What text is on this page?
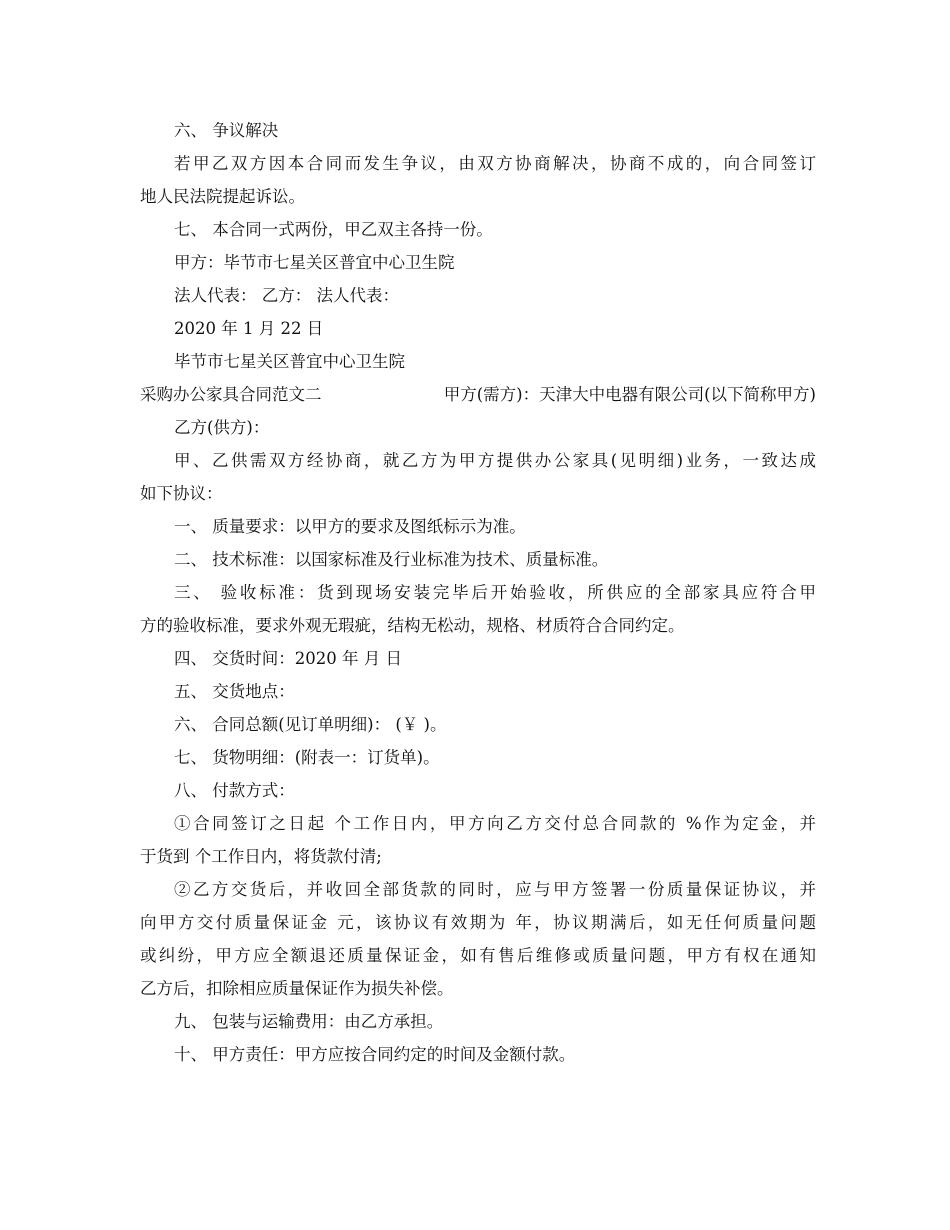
六、 争议解决
若甲乙双方因本合同而发生争议，由双方协商解决，协商不成的，向合同签订
地人民法院提起诉讼。
七、 本合同一式两份，甲乙双主各持一份。
甲方：毕节市七星关区普宜中心卫生院
法人代表： 乙方： 法人代表：
2020 年 1 月 22 日
毕节市七星关区普宜中心卫生院
采购办公家具合同范文二	甲方(需方)：天津大中电器有限公司(以下简称甲方)
乙方(供方)：
甲、乙供需双方经协商，就乙方为甲方提供办公家具(见明细)业务，一致达成
如下协议：
一、 质量要求：以甲方的要求及图纸标示为准。
二、 技术标准：以国家标准及行业标准为技术、质量标准。
三、 验收标准：货到现场安装完毕后开始验收，所供应的全部家具应符合甲
方的验收标准，要求外观无瑕疵，结构无松动，规格、材质符合合同约定。
四、 交货时间：2020 年 月 日
五、 交货地点：
六、 合同总额(见订单明细)： (￥ )。
七、 货物明细：(附表一：订货单)。
八、 付款方式：
①合同签订之日起 个工作日内，甲方向乙方交付总合同款的 %作为定金，并
于货到 个工作日内，将货款付清;
②乙方交货后，并收回全部货款的同时，应与甲方签署一份质量保证协议，并
向甲方交付质量保证金 元，该协议有效期为 年，协议期满后，如无任何质量问题
或纠纷，甲方应全额退还质量保证金，如有售后维修或质量问题，甲方有权在通知
乙方后，扣除相应质量保证作为损失补偿。
九、 包装与运输费用：由乙方承担。
十、 甲方责任：甲方应按合同约定的时间及金额付款。
